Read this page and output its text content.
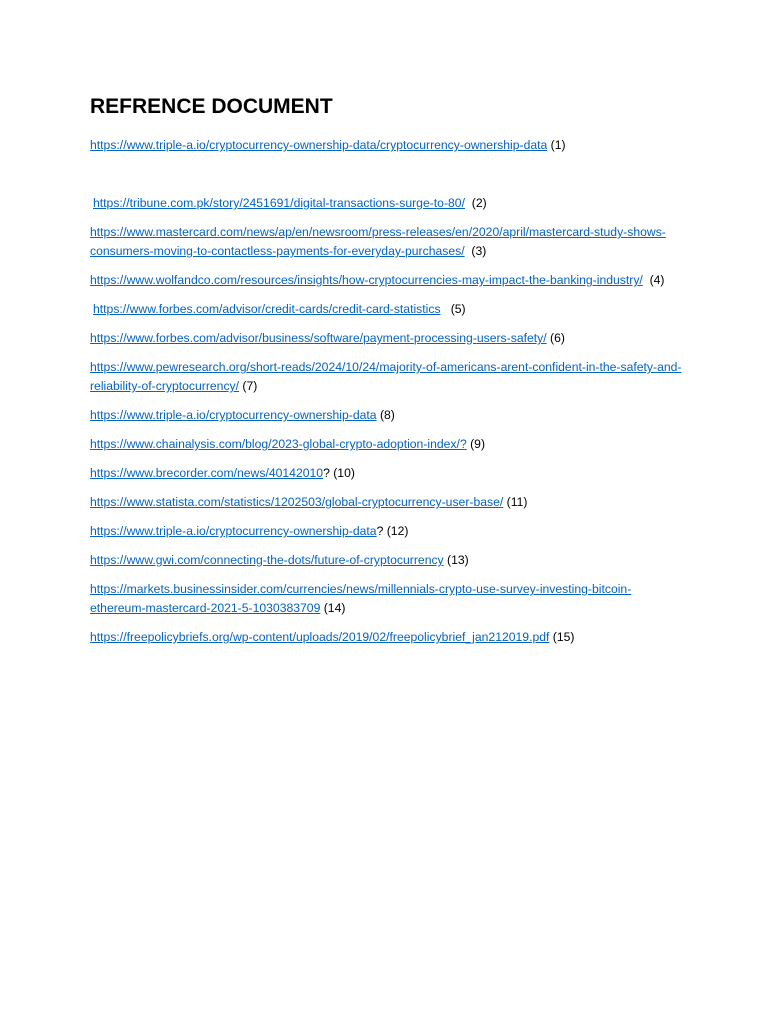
REFRENCE DOCUMENT

https://www.triple-a.io/cryptocurrency-ownership-data/cryptocurrency-ownership-data (1)

https://tribune.com.pk/story/2451691/digital-transactions-surge-to-80/  (2)

https://www.mastercard.com/news/ap/en/newsroom/press-releases/en/2020/april/mastercard-study-shows-consumers-moving-to-contactless-payments-for-everyday-purchases/  (3)

https://www.wolfandco.com/resources/insights/how-cryptocurrencies-may-impact-the-banking-industry/  (4)

https://www.forbes.com/advisor/credit-cards/credit-card-statistics   (5)

https://www.forbes.com/advisor/business/software/payment-processing-users-safety/ (6)

https://www.pewresearch.org/short-reads/2024/10/24/majority-of-americans-arent-confident-in-the-safety-and-reliability-of-cryptocurrency/ (7)

https://www.triple-a.io/cryptocurrency-ownership-data (8)

https://www.chainalysis.com/blog/2023-global-crypto-adoption-index/? (9)

https://www.brecorder.com/news/40142010? (10)

https://www.statista.com/statistics/1202503/global-cryptocurrency-user-base/ (11)

https://www.triple-a.io/cryptocurrency-ownership-data? (12)

https://www.gwi.com/connecting-the-dots/future-of-cryptocurrency (13)

https://markets.businessinsider.com/currencies/news/millennials-crypto-use-survey-investing-bitcoin-ethereum-mastercard-2021-5-1030383709 (14)

https://freepolicybriefs.org/wp-content/uploads/2019/02/freepolicybrief_jan212019.pdf (15)
